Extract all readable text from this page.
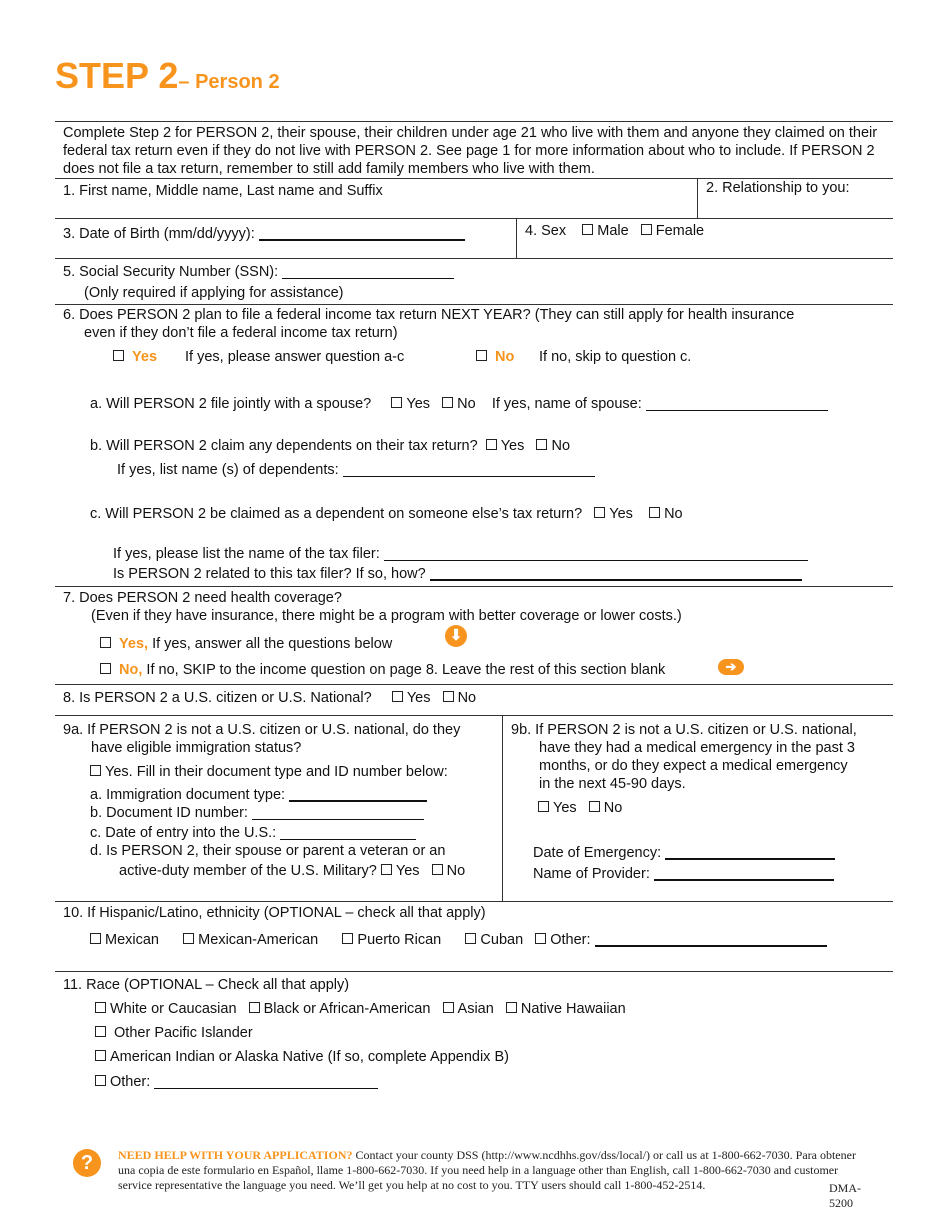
STEP 2– Person 2
Complete Step 2 for PERSON 2, their spouse, their children under age 21 who live with them and anyone they claimed on their federal tax return even if they do not live with PERSON 2. See page 1 for more information about who to include. If PERSON 2 does not file a tax return, remember to still add family members who live with them.
1. First name, Middle name, Last name and Suffix	2. Relationship to you:
3. Date of Birth (mm/dd/yyyy):	4. Sex Male Female
5. Social Security Number (SSN):
(Only required if applying for assistance)
6. Does PERSON 2 plan to file a federal income tax return NEXT YEAR? (They can still apply for health insurance
even if they don’t file a federal income tax return)
Yes If yes, please answer question a-c	No If no, skip to question c.
a. Will PERSON 2 file jointly with a spouse? Yes No If yes, name of spouse:
b. Will PERSON 2 claim any dependents on their tax return? Yes No
If yes, list name (s) of dependents:
c. Will PERSON 2 be claimed as a dependent on someone else’s tax return? Yes No
If yes, please list the name of the tax filer:
Is PERSON 2 related to this tax filer? If so, how?
7. Does PERSON 2 need health coverage?
(Even if they have insurance, there might be a program with better coverage or lower costs.)
Yes, If yes, answer all the questions below	⬇
No, If no, SKIP to the income question on page 8. Leave the rest of this section blank	➔
8. Is PERSON 2 a U.S. citizen or U.S. National? Yes No
9a. If PERSON 2 is not a U.S. citizen or U.S. national, do they
have eligible immigration status?
Yes. Fill in their document type and ID number below:
a. Immigration document type:
b. Document ID number:
c. Date of entry into the U.S.:
d. Is PERSON 2, their spouse or parent a veteran or an
active-duty member of the U.S. Military? Yes No
9b. If PERSON 2 is not a U.S. citizen or U.S. national,
have they had a medical emergency in the past 3
months, or do they expect a medical emergency
in the next 45-90 days.
Yes No
Date of Emergency:
Name of Provider:
10. If Hispanic/Latino, ethnicity (OPTIONAL – check all that apply)
Mexican	Mexican-American	Puerto Rican	Cuban Other:
11. Race (OPTIONAL – Check all that apply)
White or Caucasian Black or African-American Asian Native Hawaiian
Other Pacific Islander
American Indian or Alaska Native (If so, complete Appendix B)
Other:
?	NEED HELP WITH YOUR APPLICATION? Contact your county DSS (http://www.ncdhhs.gov/dss/local/) or call us at 1-800-662-7030. Para obtener una copia de este formulario en Español, llame 1-800-662-7030. If you need help in a language other than English, call 1-800-662-7030 and customer service representative the language you need. We’ll get you help at no cost to you. TTY users should call 1-800-452-2514.	DMA-
5200
